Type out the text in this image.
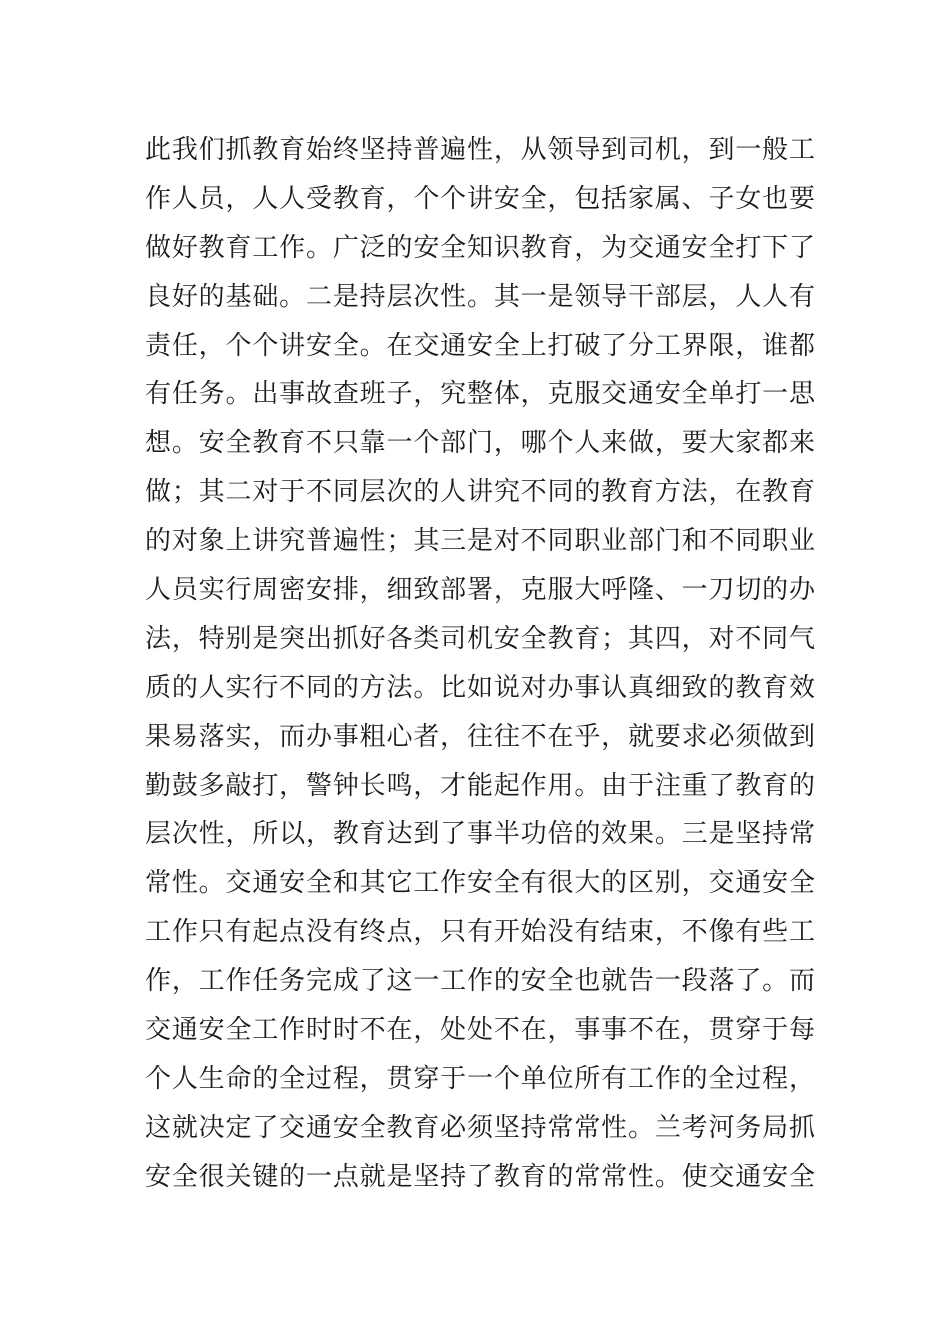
此我们抓教育始终坚持普遍性，从领导到司机，到一般工
作人员，人人受教育，个个讲安全，包括家属、子女也要
做好教育工作。广泛的安全知识教育，为交通安全打下了
良好的基础。二是持层次性。其一是领导干部层，人人有
责任，个个讲安全。在交通安全上打破了分工界限，谁都
有任务。出事故查班子，究整体，克服交通安全单打一思
想。安全教育不只靠一个部门，哪个人来做，要大家都来
做；其二对于不同层次的人讲究不同的教育方法，在教育
的对象上讲究普遍性；其三是对不同职业部门和不同职业
人员实行周密安排，细致部署，克服大呼隆、一刀切的办
法，特别是突出抓好各类司机安全教育；其四，对不同气
质的人实行不同的方法。比如说对办事认真细致的教育效
果易落实，而办事粗心者，往往不在乎，就要求必须做到
勤鼓多敲打，警钟长鸣，才能起作用。由于注重了教育的
层次性，所以，教育达到了事半功倍的效果。三是坚持常
常性。交通安全和其它工作安全有很大的区别，交通安全
工作只有起点没有终点，只有开始没有结束，不像有些工
作，工作任务完成了这一工作的安全也就告一段落了。而
交通安全工作时时不在，处处不在，事事不在，贯穿于每
个人生命的全过程，贯穿于一个单位所有工作的全过程，
这就决定了交通安全教育必须坚持常常性。兰考河务局抓
安全很关键的一点就是坚持了教育的常常性。使交通安全
